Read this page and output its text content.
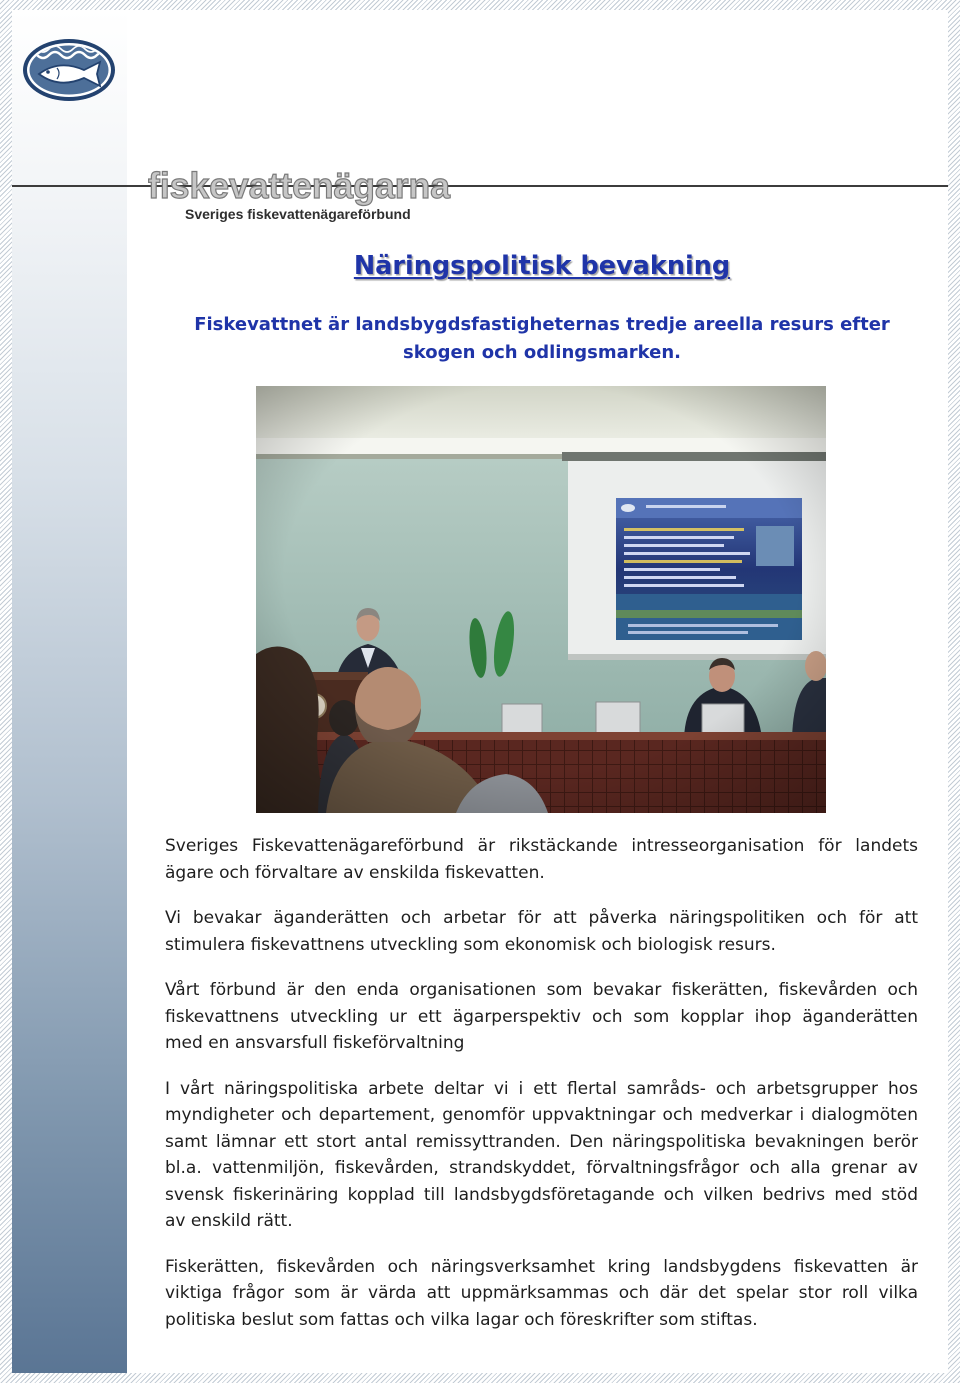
fiskevattenägarna
Sveriges fiskevattenägareförbund
Näringspolitisk bevakning
Fiskevattnet är landsbygdsfastigheternas tredje areella resurs efter
skogen och odlingsmarken.
Sveriges Fiskevattenägareförbund är rikstäckande intresseorganisation för landets
ägare och förvaltare av enskilda fiskevatten.
Vi bevakar äganderätten och arbetar för att påverka näringspolitiken och för att
stimulera fiskevattnens utveckling som ekonomisk och biologisk resurs.
Vårt förbund är den enda organisationen som bevakar fiskerätten, fiskevården och
fiskevattnens utveckling ur ett ägarperspektiv och som kopplar ihop äganderätten
med en ansvarsfull fiskeförvaltning
I vårt näringspolitiska arbete deltar vi i ett flertal samråds- och arbetsgrupper hos
myndigheter och departement, genomför uppvaktningar och medverkar i dialogmöten
samt lämnar ett stort antal remissyttranden. Den näringspolitiska bevakningen berör
bl.a. vattenmiljön, fiskevården, strandskyddet, förvaltningsfrågor och alla grenar av
svensk fiskerinäring kopplad till landsbygdsföretagande och vilken bedrivs med stöd
av enskild rätt.
Fiskerätten, fiskevården och näringsverksamhet kring landsbygdens fiskevatten är
viktiga frågor som är värda att uppmärksammas och där det spelar stor roll vilka
politiska beslut som fattas och vilka lagar och föreskrifter som stiftas.
